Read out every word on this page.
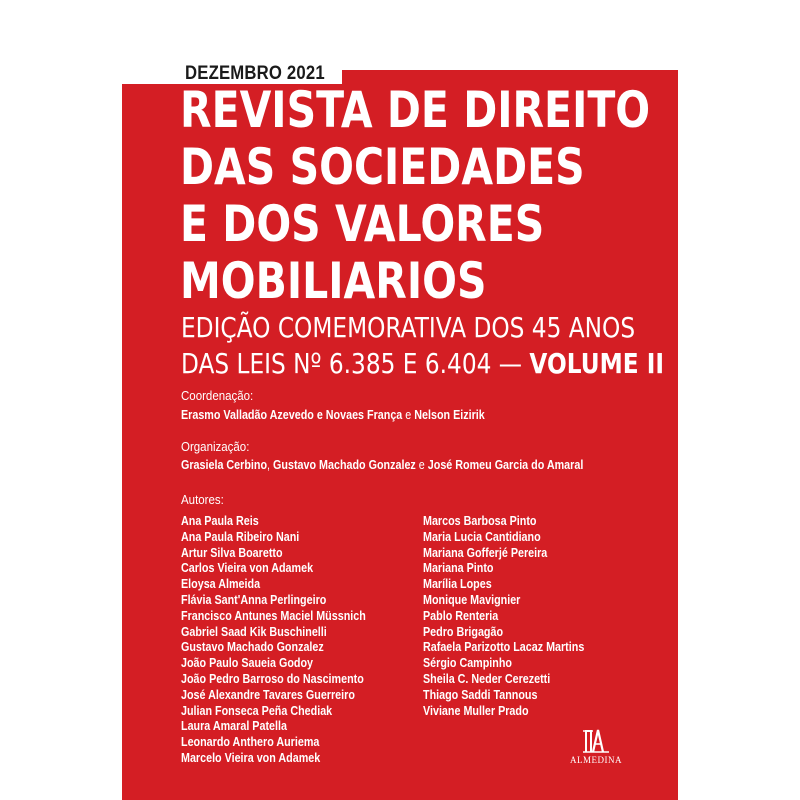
DEZEMBRO 2021
REVISTA DE DIREITO
DAS SOCIEDADES
E DOS VALORES
MOBILIARIOS
EDIÇÃO COMEMORATIVA DOS 45 ANOS
DAS LEIS Nº 6.385 E 6.404 — VOLUME II
Coordenação:
Erasmo Valladão Azevedo e Novaes França e Nelson Eizirik
Organização:
Grasiela Cerbino, Gustavo Machado Gonzalez e José Romeu Garcia do Amaral
Autores:
Ana Paula Reis
Ana Paula Ribeiro Nani
Artur Silva Boaretto
Carlos Vieira von Adamek
Eloysa Almeida
Flávia Sant'Anna Perlingeiro
Francisco Antunes Maciel Müssnich
Gabriel Saad Kik Buschinelli
Gustavo Machado Gonzalez
João Paulo Saueia Godoy
João Pedro Barroso do Nascimento
José Alexandre Tavares Guerreiro
Julian Fonseca Peña Chediak
Laura Amaral Patella
Leonardo Anthero Auriema
Marcelo Vieira von Adamek
Marcos Barbosa Pinto
Maria Lucia Cantidiano
Mariana Gofferjé Pereira
Mariana Pinto
Marília Lopes
Monique Mavignier
Pablo Renteria
Pedro Brigagão
Rafaela Parizotto Lacaz Martins
Sérgio Campinho
Sheila C. Neder Cerezetti
Thiago Saddi Tannous
Viviane Muller Prado
ALMEDINA
